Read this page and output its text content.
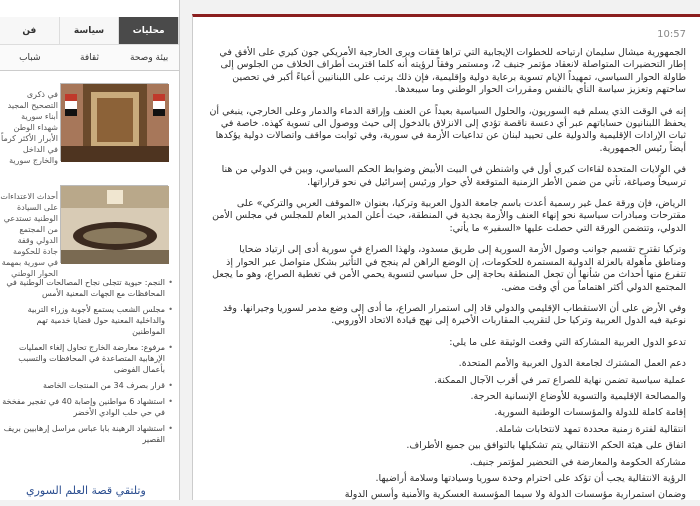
محليات
سياسة
فن
بيئة وصحة
ثقافة
شباب
في ذكرى التصحيح المجيد أبناء سورية شهداء الوطن الأبرار الأكثر كرماً في الداخل والخارج سورية
أحداث الاعتداءات على السيادة الوطنية تستدعي من المجتمع الدولي وقفة جادة للحكومة في سورية بمهمة الحوار الوطني
• النجم: حيوية تتجلى نجاح المصالحات الوطنية في المحافظات مع الجهات المعنية الأمس
• مجلس الشعب يستمع لأجوبة وزراء التربية والداخلية المعنية حول قضايا خدمية تهم المواطنين
• مرفوع: معارضة الخارج تحاول إلغاء العمليات الإرهابية المتصاعدة في المحافظات والتسبب بأعمال الفوضى
• قرار بصرف 34 من المنتجات الخاصة
• استشهاد 6 مواطنين وإصابة 40 في تفجير مفخخة في حي حلب الوادي الأخضر
• استشهاد الرهينة بابا عباس مراسل إرهابيين بريف القصير
وتلتقي قصة العلم السوري
10:57

الجمهورية ميشال سليمان ارتياحه للخطوات الإيجابية التي تراها فقات ويرى الخارجية الأمريكي جون كيري على الأفق في إطار التحضيرات المتواصلة لانعقاد مؤتمر جنيف 2، ومستمر وفقاً لرؤيته أنه كلما اقتربت أطراف الخلاف من الجلوس إلى طاولة الحوار السياسي، تمهيداً الإيام تسوية برعاية دولية وإقليمية، فإن ذلك يرتب على اللبنانيين أعباءً أكبر في تحصين ساحتهم وتعزيز سياسة النأي بالنفس ومقررات الحوار الوطني وما سيبعدها.

إنه في الوقت الذي يسلم فيه السوريون، والحلول السياسية بعيداً عن العنف وإراقة الدماء والدمار وعلى الخارجي، ينبغي أن يحفظ اللبنانيون حساباتهم عبر أي دعسة ناقصة تؤدي إلى الانزلاق بالدخول إلى حيث ووصول الى تسوية كهذه. خاصة في ثبات الإرادات الإقليمية والدولية على تحييد لبنان عن تداعيات الأزمة في سورية، وفي ثوابت مواقف واتصالات دولية يؤكدها أيضاً رئيس الجمهورية.

في الولايات المتحدة لقاءات كيري أول في واشنطن في البيت الأبيض وضوابط الحكم السياسي، وبين في الدولي من هنا ترسيخاً وصياغة، تأتي من ضمن الأطر الزمنية المتوقعة لأي حوار ورئيس إسرائيل في نحو قراراتها.

الرياض، فإن ورقة عمل غير رسمية أعدت باسم جامعة الدول العربية وتركيا، بعنوان «الموقف العربي والتركي» على مقترحات ومبادرات سياسية نحو إنهاء العنف والأزمة بجدية في المنطقة، حيث أعلن المدير العام للمجلس في مجلس الأمن الدولي، وتتضمن الورقة التي حصلت عليها «السفير» ما يأتي:

وتركيا تقترح تقسيم جوانب وصول الأزمة السورية إلى طريق مسدود، ولهذا الصراع في سورية أدى إلى ارتياد ضحايا ومناطق مأهولة بالعزلة الدولية المستمرة للحكومات، إن الوضع الراهن لم ينجح في التأثير بشكل متواصل عبر الحوار إذ تتفرع منها أحداث من شأنها أن تجعل المنطقة بحاجة إلى حل سياسي لتسوية يحمي الأمن في تغطية الصراع، وهو ما يجعل المجتمع الدولي أكثر اهتماماً من أي وقت مضى.

وفي الأرض على أن الاستقطاب الإقليمي والدولي قاد إلى استمرار الصراع، ما أدى إلى وضع مدمر لسوريا وجيرانها. وقد نوعية فيه الدول العربية وتركيا حل لتقريب المقاربات الأخيرة إلى نهج قيادة الاتحاد الأوروبي.

تدعو الدول العربية المشاركة التي وقعت الوثيقة على ما يلي:

دعم العمل المشترك لجامعة الدول العربية والأمم المتحدة.
عملية سياسية تضمن نهاية للصراع تمر في أقرب الآجال الممكنة.
والمصالحة الإقليمية والتسوية للأوضاع الإنسانية الحرجة.
إقامة كاملة للدولة والمؤسسات الوطنية السورية.
انتقالية لفترة زمنية محددة تمهد لانتخابات شاملة.
اتفاق على هيئة الحكم الانتقالي يتم تشكيلها بالتوافق بين جميع الأطراف.
مشاركة الحكومة والمعارضة في التحضير لمؤتمر جنيف.
الرؤية الانتقالية يجب أن تؤكد على احترام وحدة سوريا وسيادتها وسلامة أراضيها.
وضمان استمرارية مؤسسات الدولة ولا سيما المؤسسة العسكرية والأمنية وأسس الدولة
